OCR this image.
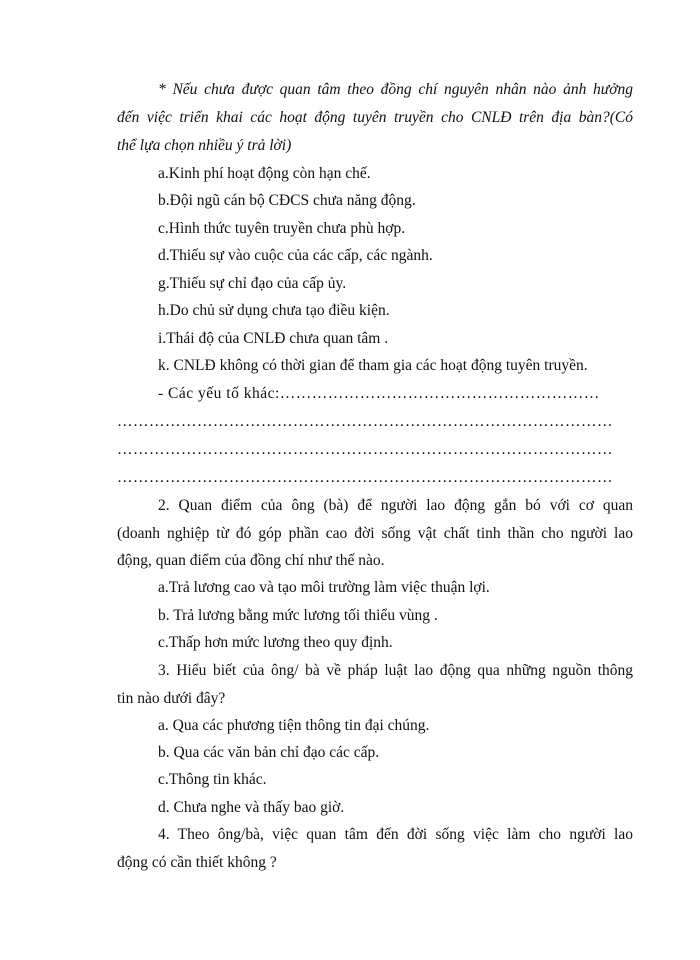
* Nếu chưa được quan tâm theo đồng chí nguyên nhân nào ảnh hưởng
đến việc triển khai các hoạt động tuyên truyền cho CNLĐ trên địa bàn?(Có
thể lựa chọn nhiều ý trả lời)
a.Kinh phí hoạt động còn hạn chế.
b.Đội ngũ cán bộ CĐCS chưa năng động.
c.Hình thức tuyên truyền chưa phù hợp.
d.Thiếu sự vào cuộc của các cấp, các ngành.
g.Thiếu sự chỉ đạo của cấp ủy.
h.Do chủ sử dụng chưa tạo điều kiện.
i.Thái độ của CNLĐ chưa quan tâm .
k. CNLĐ không có thời gian để tham gia các hoạt động tuyên truyền.
- Các yếu tố khác:……………………………………………………
…………………………………………………………………………………
…………………………………………………………………………………
…………………………………………………………………………………
2. Quan điểm của ông (bà) để người lao động gắn bó với cơ quan
(doanh nghiệp từ đó góp phần cao đời sống vật chất tinh thần cho người lao
động, quan điểm của đồng chí như thế nào.
a.Trả lương cao và tạo môi trường làm việc thuận lợi.
b. Trả lương bằng mức lương tối thiểu vùng .
c.Thấp hơn mức lương theo quy định.
3. Hiểu biết của ông/ bà về pháp luật lao động qua những nguồn thông
tin nào dưới đây?
a. Qua các phương tiện thông tin đại chúng.
b. Qua các văn bản chỉ đạo các cấp.
c.Thông tin khác.
d. Chưa nghe và thấy bao giờ.
4. Theo ông/bà, việc quan tâm đến đời sống việc làm cho người lao
động có cần thiết không ?
